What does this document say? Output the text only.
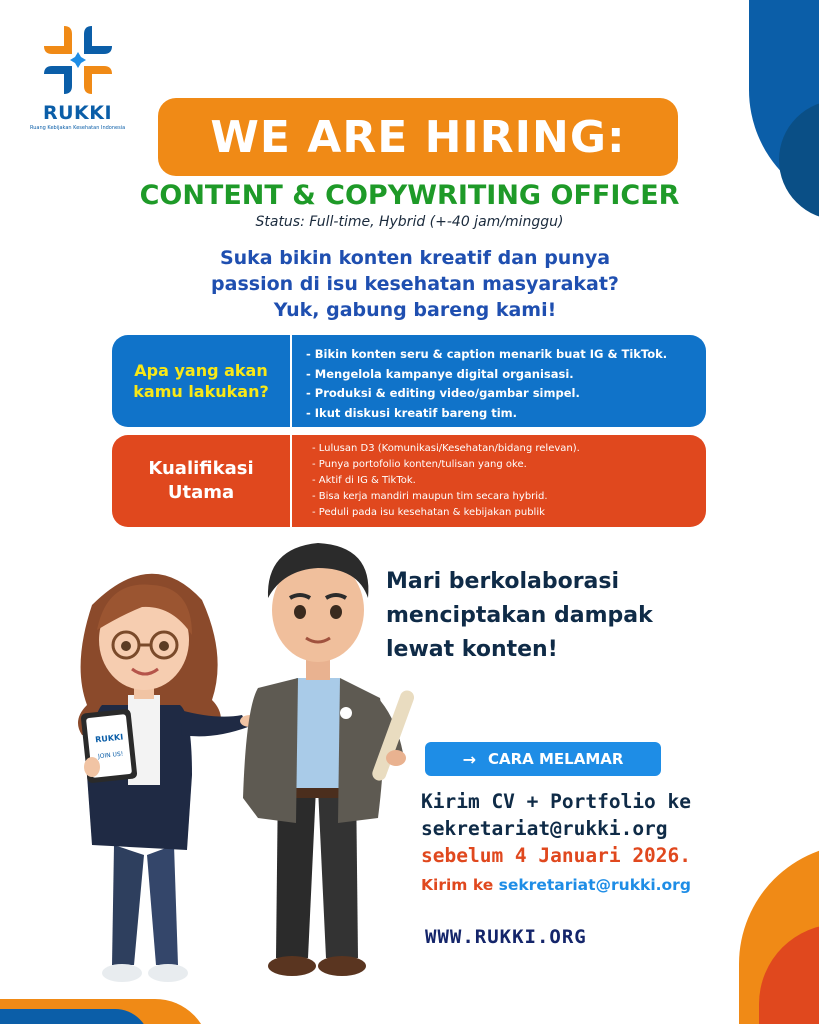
RUKKI
Ruang Kebijakan Kesehatan Indonesia WE ARE HIRING:
CONTENT & COPYWRITING OFFICER
Status: Full-time, Hybrid (+-40 jam/minggu)
Suka bikin konten kreatif dan punya
passion di isu kesehatan masyarakat?
Yuk, gabung bareng kami!
Apa yang akan
kamu lakukan?
- Bikin konten seru & caption menarik buat IG & TikTok.
- Mengelola kampanye digital organisasi.
- Produksi & editing video/gambar simpel.
- Ikut diskusi kreatif bareng tim.
Kualifikasi
Utama
- Lulusan D3 (Komunikasi/Kesehatan/bidang relevan).
- Punya portofolio konten/tulisan yang oke.
- Aktif di IG & TikTok.
- Bisa kerja mandiri maupun tim secara hybrid.
- Peduli pada isu kesehatan & kebijakan publik
RUKKI
JOIN US!
Mari berkolaborasi
menciptakan dampak
lewat konten!
→ CARA MELAMAR
Kirim CV + Portfolio ke
sekretariat@rukki.org
sebelum 4 Januari 2026.
Kirim ke sekretariat@rukki.org
WWW.RUKKI.ORG
